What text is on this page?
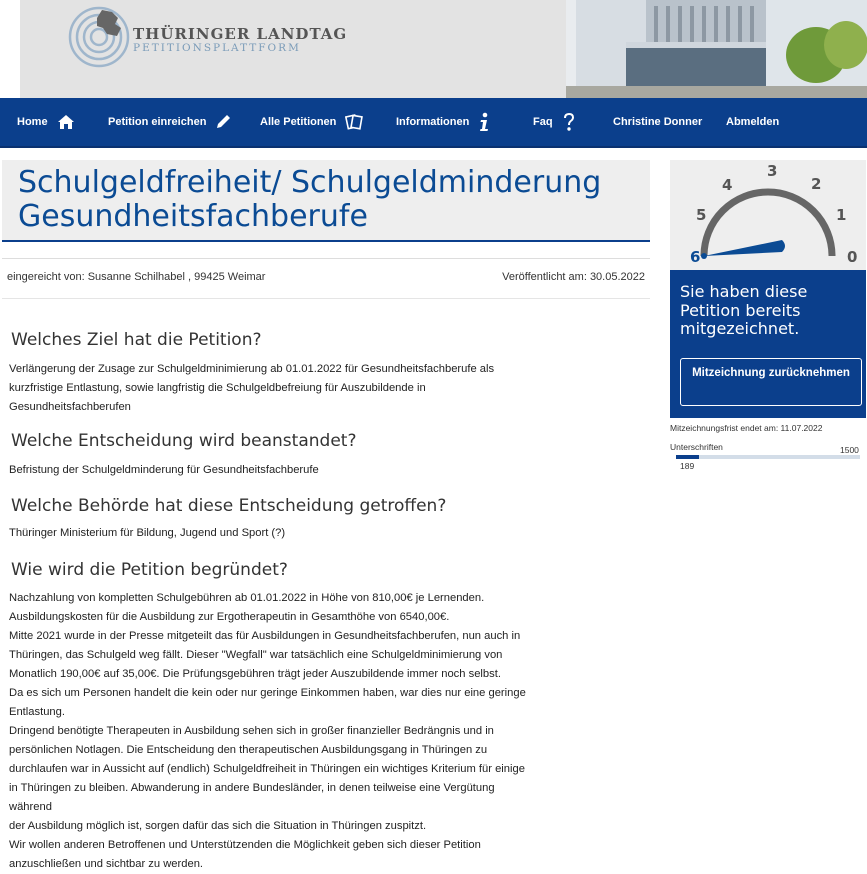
THÜRINGER LANDTAG
PETITIONSPLATTFORM
Home	Petition einreichen	Alle Petitionen	Informationen	Faq	Christine Donner Abmelden
Schulgeldfreiheit/ Schulgeldminderung Gesundheitsfachberufe
eingereicht von: Susanne Schilhabel , 99425 Weimar	Veröffentlicht am: 30.05.2022
Welches Ziel hat die Petition?
Verlängerung der Zusage zur Schulgeldminimierung ab 01.01.2022 für Gesundheitsfachberufe als
kurzfristige Entlastung, sowie langfristig die Schulgeldbefreiung für Auszubildende in
Gesundheitsfachberufen
Welche Entscheidung wird beanstandet?
Befristung der Schulgeldminderung für Gesundheitsfachberufe
Welche Behörde hat diese Entscheidung getroffen?
Thüringer Ministerium für Bildung, Jugend und Sport (?)
Wie wird die Petition begründet?
Nachzahlung von kompletten Schulgebühren ab 01.01.2022 in Höhe von 810,00€ je Lernenden.
Ausbildungskosten für die Ausbildung zur Ergotherapeutin in Gesamthöhe von 6540,00€.
Mitte 2021 wurde in der Presse mitgeteilt das für Ausbildungen in Gesundheitsfachberufen, nun auch in
Thüringen, das Schulgeld weg fällt. Dieser "Wegfall" war tatsächlich eine Schulgeldminimierung von
Monatlich 190,00€ auf 35,00€. Die Prüfungsgebühren trägt jeder Auszubildende immer noch selbst.
Da es sich um Personen handelt die kein oder nur geringe Einkommen haben, war dies nur eine geringe
Entlastung.
Dringend benötigte Therapeuten in Ausbildung sehen sich in großer finanzieller Bedrängnis und in
persönlichen Notlagen. Die Entscheidung den therapeutischen Ausbildungsgang in Thüringen zu
durchlaufen war in Aussicht auf (endlich) Schulgeldfreiheit in Thüringen ein wichtiges Kriterium für einige
in Thüringen zu bleiben. Abwanderung in andere Bundesländer, in denen teilweise eine Vergütung während
der Ausbildung möglich ist, sorgen dafür das sich die Situation in Thüringen zuspitzt.
Wir wollen anderen Betroffenen und Unterstützenden die Möglichkeit geben sich dieser Petition
anzuschließen und sichtbar zu werden.
6
5
4
3
2
1
0
Sie haben diese Petition bereits mitgezeichnet.
Mitzeichnung zurücknehmen
Mitzeichnungsfrist endet am: 11.07.2022
Unterschriften	1500
189
